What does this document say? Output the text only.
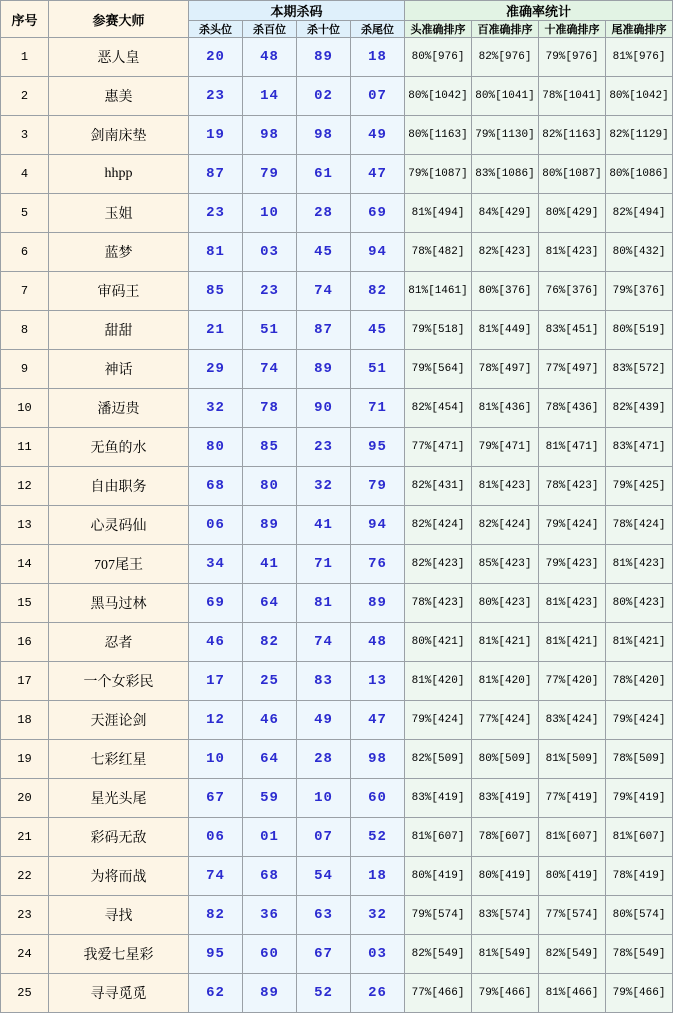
序号	参赛大师	本期杀码				准确率统计			
		杀头位	杀百位	杀十位	杀尾位	头准确排序	百准确排序	十准确排序	尾准确排序
1	恶人皇	20	48	89	18	80%[976]	82%[976]	79%[976]	81%[976]
2	惠美	23	14	02	07	80%[1042]	80%[1041]	78%[1041]	80%[1042]
3	剑南床垫	19	98	98	49	80%[1163]	79%[1130]	82%[1163]	82%[1129]
4	hhpp	87	79	61	47	79%[1087]	83%[1086]	80%[1087]	80%[1086]
5	玉姐	23	10	28	69	81%[494]	84%[429]	80%[429]	82%[494]
6	蓝梦	81	03	45	94	78%[482]	82%[423]	81%[423]	80%[432]
7	审码王	85	23	74	82	81%[1461]	80%[376]	76%[376]	79%[376]
8	甜甜	21	51	87	45	79%[518]	81%[449]	83%[451]	80%[519]
9	神话	29	74	89	51	79%[564]	78%[497]	77%[497]	83%[572]
10	潘迈贵	32	78	90	71	82%[454]	81%[436]	78%[436]	82%[439]
11	无鱼的水	80	85	23	95	77%[471]	79%[471]	81%[471]	83%[471]
12	自由职务	68	80	32	79	82%[431]	81%[423]	78%[423]	79%[425]
13	心灵码仙	06	89	41	94	82%[424]	82%[424]	79%[424]	78%[424]
14	707尾王	34	41	71	76	82%[423]	85%[423]	79%[423]	81%[423]
15	黑马过林	69	64	81	89	78%[423]	80%[423]	81%[423]	80%[423]
16	忍者	46	82	74	48	80%[421]	81%[421]	81%[421]	81%[421]
17	一个女彩民	17	25	83	13	81%[420]	81%[420]	77%[420]	78%[420]
18	天涯论剑	12	46	49	47	79%[424]	77%[424]	83%[424]	79%[424]
19	七彩红星	10	64	28	98	82%[509]	80%[509]	81%[509]	78%[509]
20	星光头尾	67	59	10	60	83%[419]	83%[419]	77%[419]	79%[419]
21	彩码无敌	06	01	07	52	81%[607]	78%[607]	81%[607]	81%[607]
22	为将而战	74	68	54	18	80%[419]	80%[419]	80%[419]	78%[419]
23	寻找	82	36	63	32	79%[574]	83%[574]	77%[574]	80%[574]
24	我爱七星彩	95	60	67	03	82%[549]	81%[549]	82%[549]	78%[549]
25	寻寻觅觅	62	89	52	26	77%[466]	79%[466]	81%[466]	79%[466]
